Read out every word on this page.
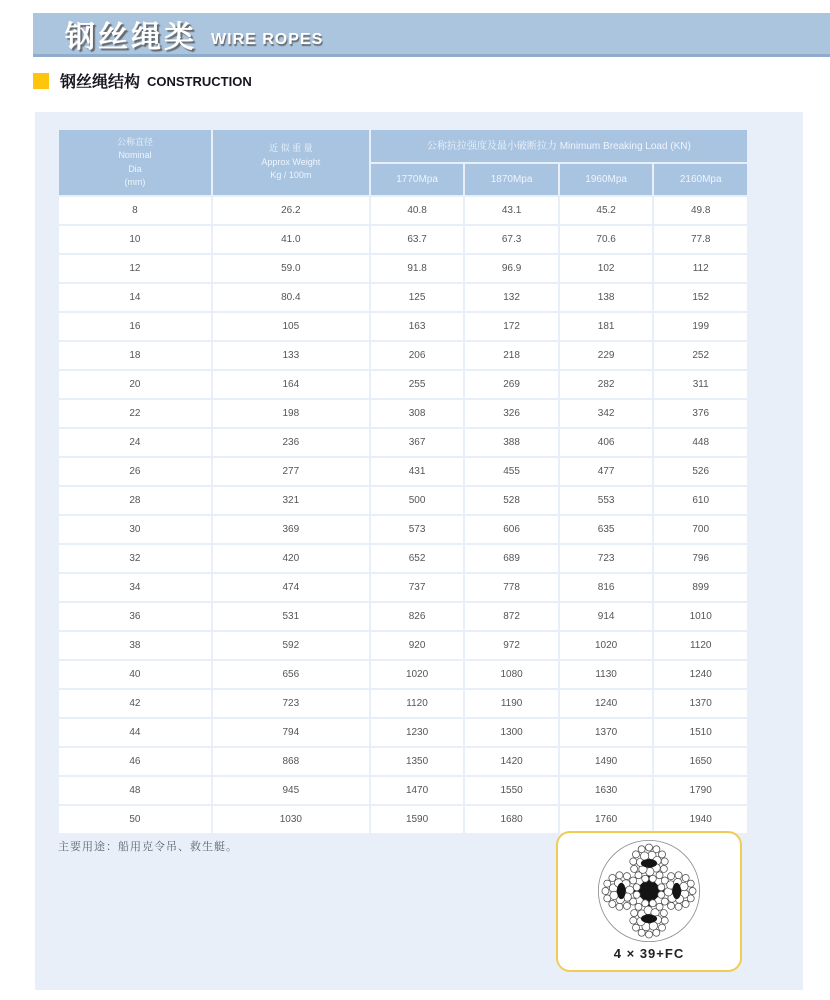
钢丝绳类 WIRE ROPES
钢丝绳结构 CONSTRUCTION
公称直径
Nominal
Dia
(mm)	近 似 重 量
Approx Weight
Kg / 100m	公称抗拉强度及最小破断拉力 Minimum Breaking Load (KN)			
		1770Mpa	1870Mpa	1960Mpa	2160Mpa
8	26.2	40.8	43.1	45.2	49.8
10	41.0	63.7	67.3	70.6	77.8
12	59.0	91.8	96.9	102	112
14	80.4	125	132	138	152
16	105	163	172	181	199
18	133	206	218	229	252
20	164	255	269	282	311
22	198	308	326	342	376
24	236	367	388	406	448
26	277	431	455	477	526
28	321	500	528	553	610
30	369	573	606	635	700
32	420	652	689	723	796
34	474	737	778	816	899
36	531	826	872	914	1010
38	592	920	972	1020	1120
40	656	1020	1080	1130	1240
42	723	1120	1190	1240	1370
44	794	1230	1300	1370	1510
46	868	1350	1420	1490	1650
48	945	1470	1550	1630	1790
50	1030	1590	1680	1760	1940
主要用途：船用克令吊、救生艇。
4 × 39+FC
